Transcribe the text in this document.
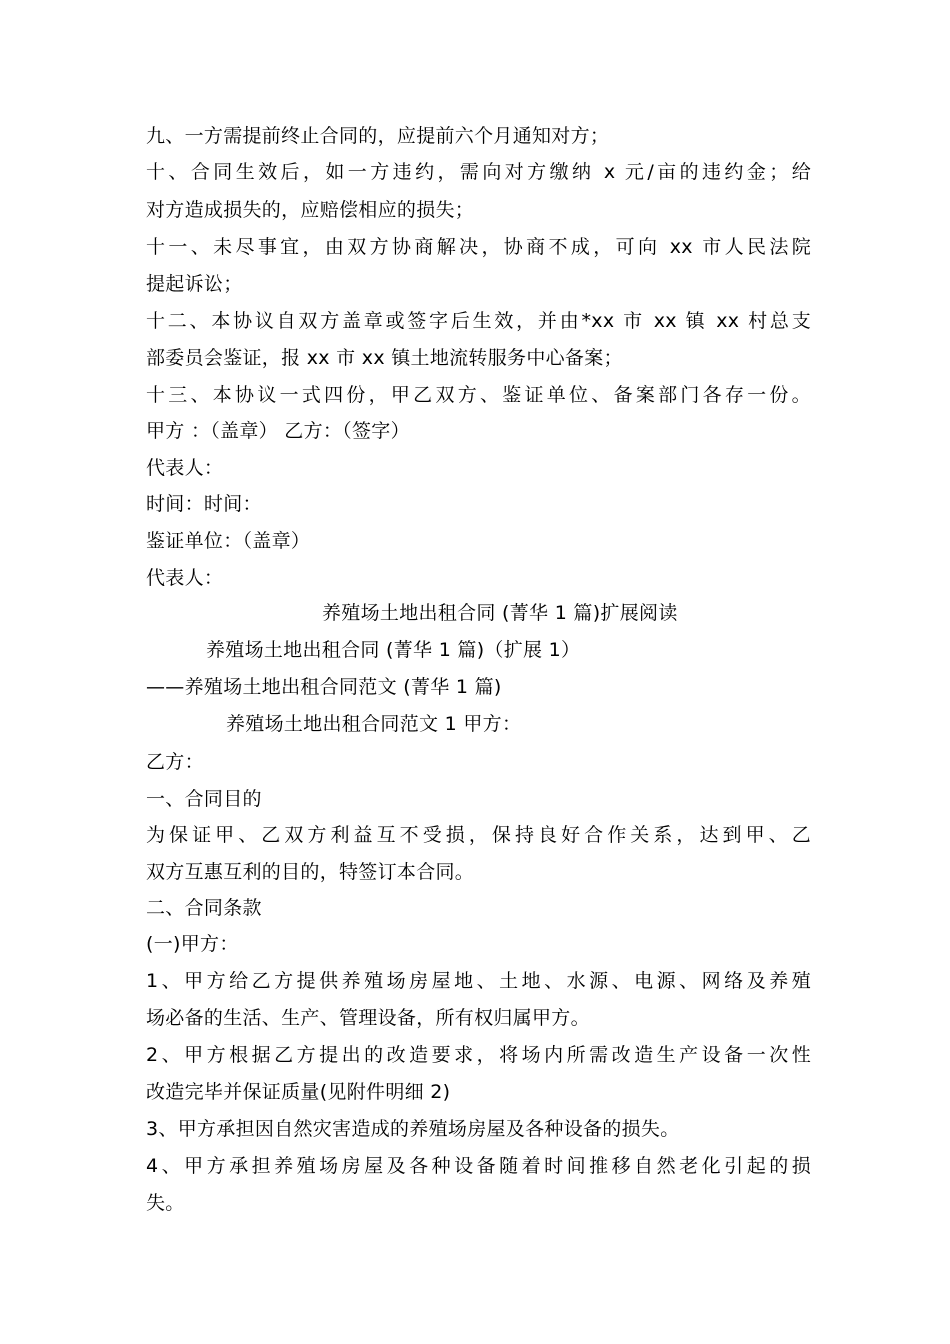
九、一方需提前终止合同的，应提前六个月通知对方；
十、合同生效后，如一方违约，需向对方缴纳 x 元/亩的违约金；给
对方造成损失的，应赔偿相应的损失；
十一、未尽事宜，由双方协商解决，协商不成，可向 xx 市人民法院
提起诉讼；
十二、本协议自双方盖章或签字后生效，并由*xx 市 xx 镇 xx 村总支
部委员会鉴证，报 xx 市 xx 镇土地流转服务中心备案；
十三、本协议一式四份，甲乙双方、鉴证单位、备案部门各存一份。
甲方 ：（盖章） 乙方：（签字）
代表人：
时间：时间：
鉴证单位：（盖章）
代表人：
养殖场土地出租合同 (菁华 1 篇)扩展阅读
养殖场土地出租合同 (菁华 1 篇)（扩展 1）
——养殖场土地出租合同范文 (菁华 1 篇)
养殖场土地出租合同范文 1 甲方：
乙方：
一、合同目的
为保证甲、乙双方利益互不受损，保持良好合作关系，达到甲、乙
双方互惠互利的目的，特签订本合同。
二、合同条款
(一)甲方：
1、甲方给乙方提供养殖场房屋地、土地、水源、电源、网络及养殖
场必备的生活、生产、管理设备，所有权归属甲方。
2、甲方根据乙方提出的改造要求，将场内所需改造生产设备一次性
改造完毕并保证质量(见附件明细 2)
3、甲方承担因自然灾害造成的养殖场房屋及各种设备的损失。
4、甲方承担养殖场房屋及各种设备随着时间推移自然老化引起的损
失。
